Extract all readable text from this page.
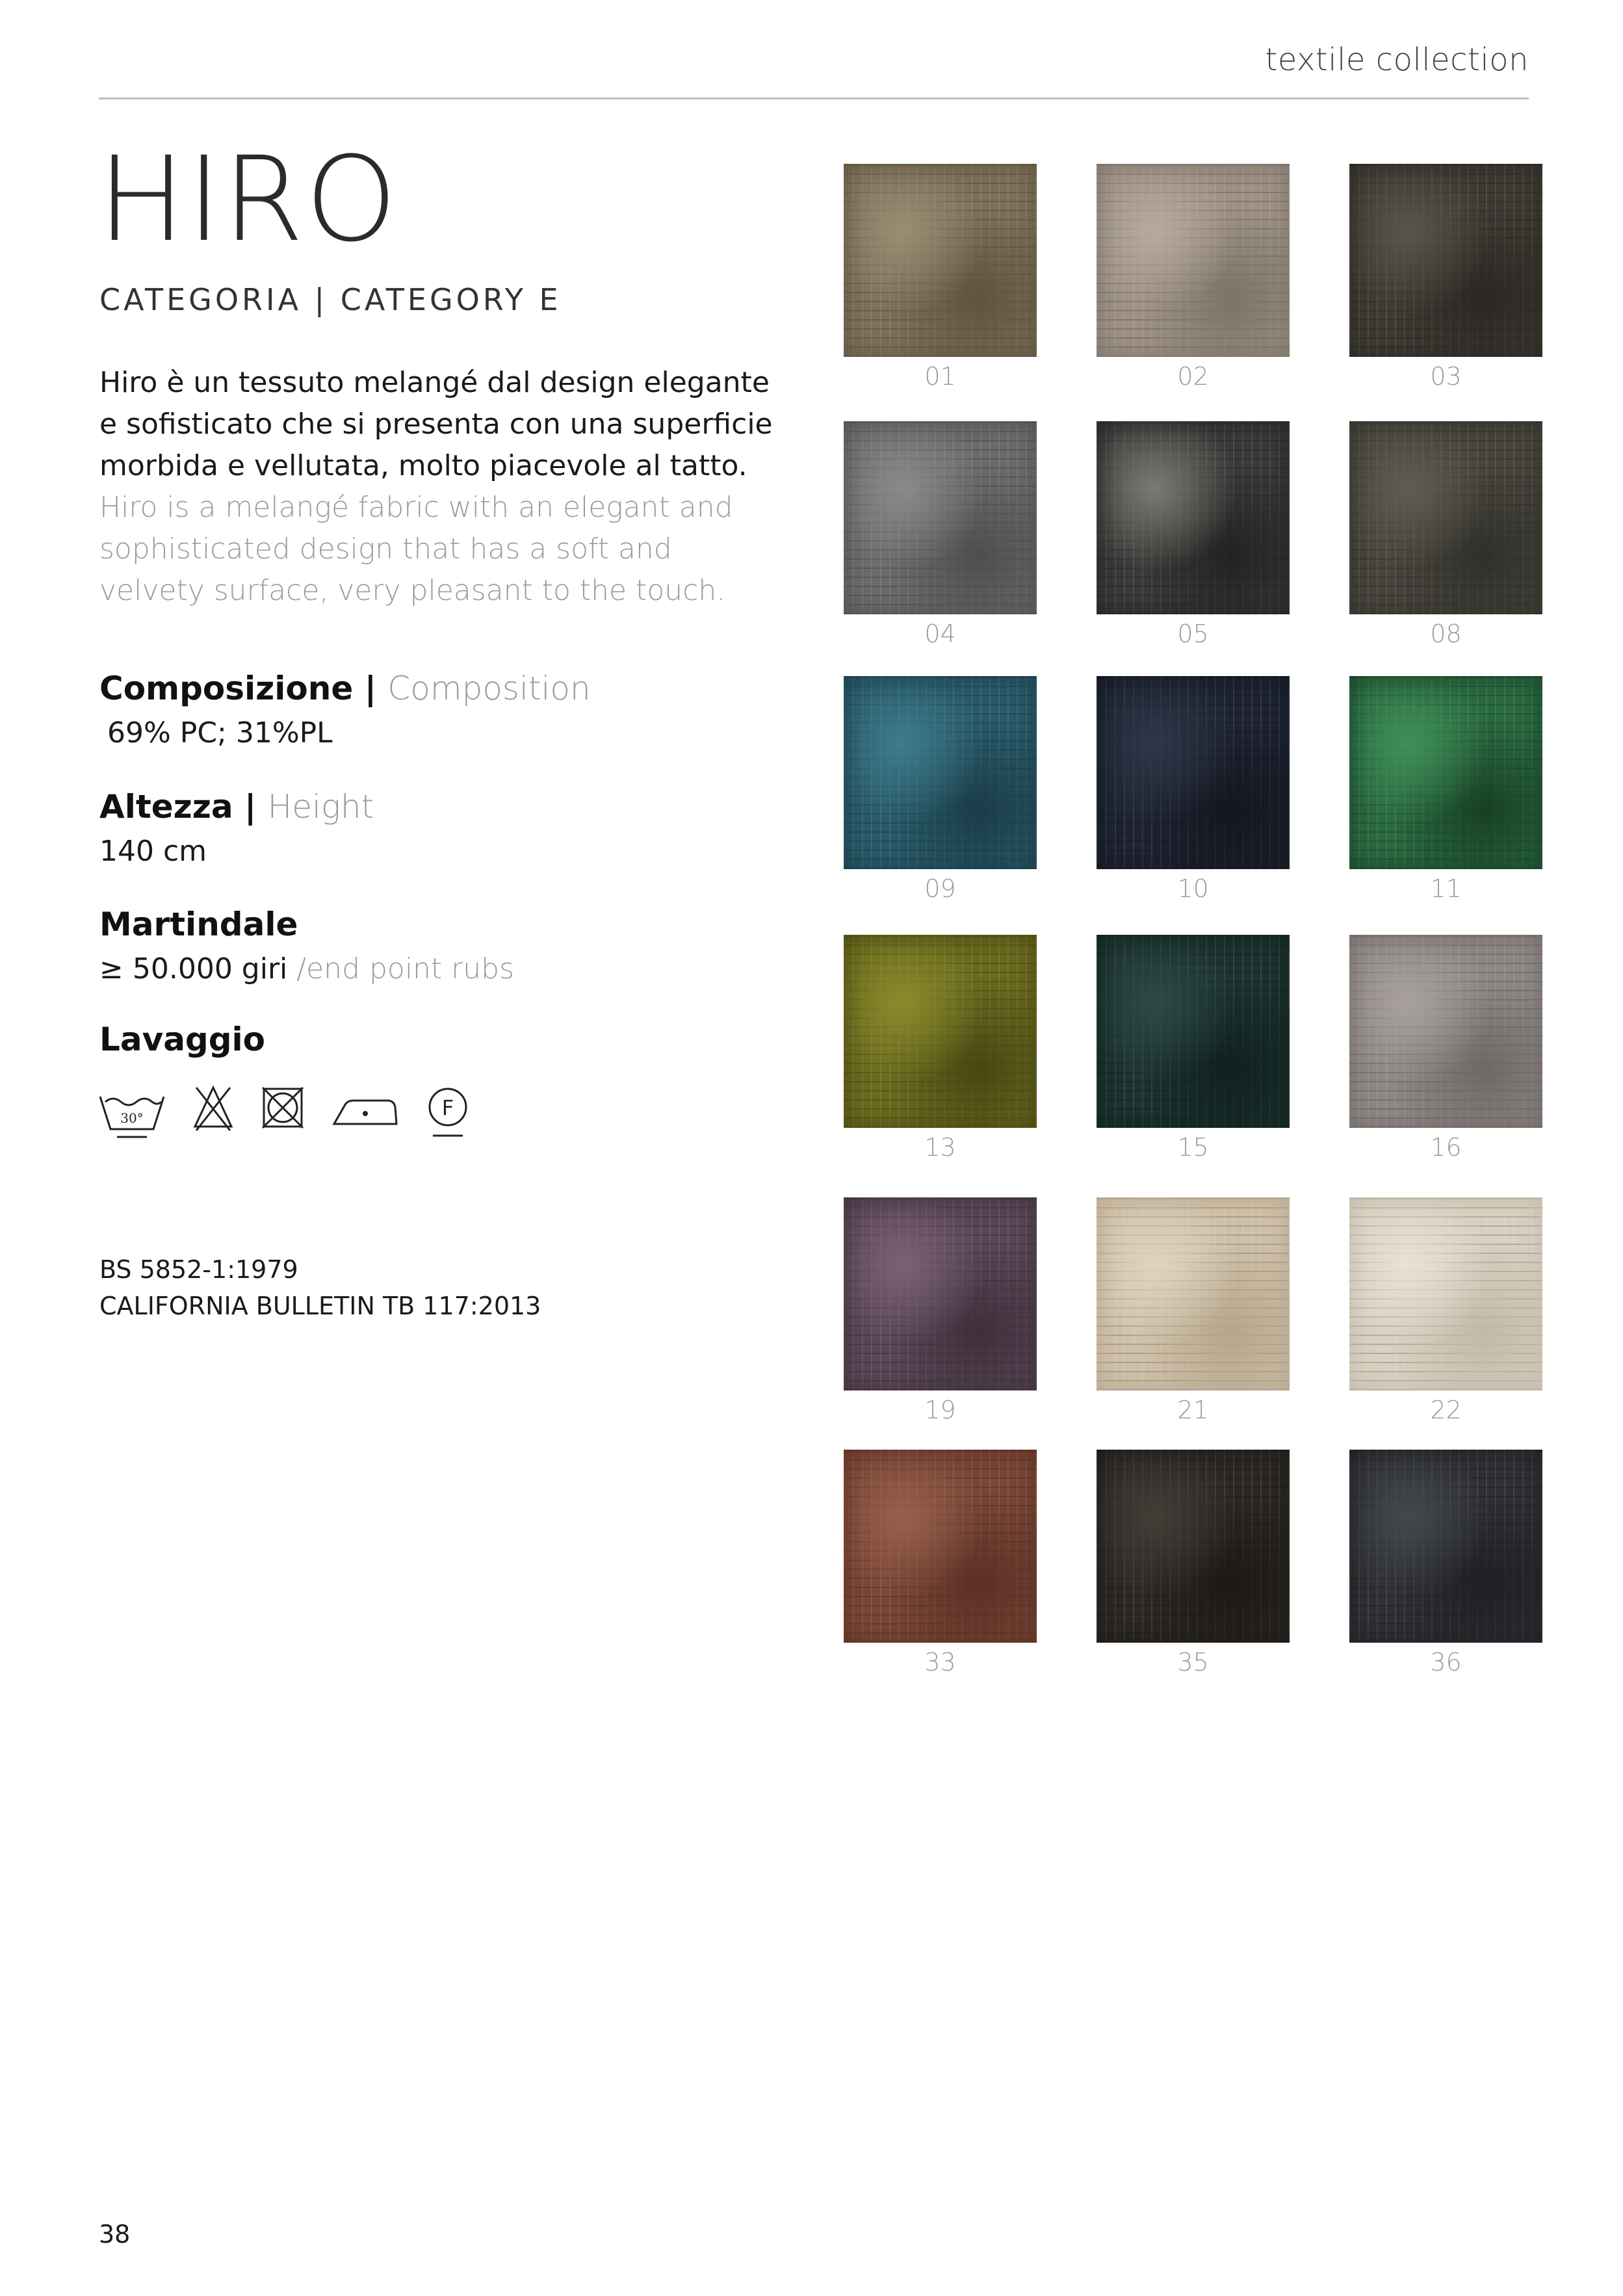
textile collection
HIRO
CATEGORIA | CATEGORY E
Hiro è un tessuto melangé dal design elegante e sofisticato che si presenta con una superficie morbida e vellutata, molto piacevole al tatto. Hiro is a melangé fabric with an elegant and sophisticated design that has a soft and velvety surface, very pleasant to the touch.
Composizione | Composition
69% PC; 31%PL
Altezza | Height
140 cm
Martindale
≥ 50.000 giri /end point rubs
Lavaggio
30°	F
BS 5852-1:1979
CALIFORNIA BULLETIN TB 117:2013
01	02	03
04	05	08
09	10	11
13	15	16
19	21	22
33	35	36
38
